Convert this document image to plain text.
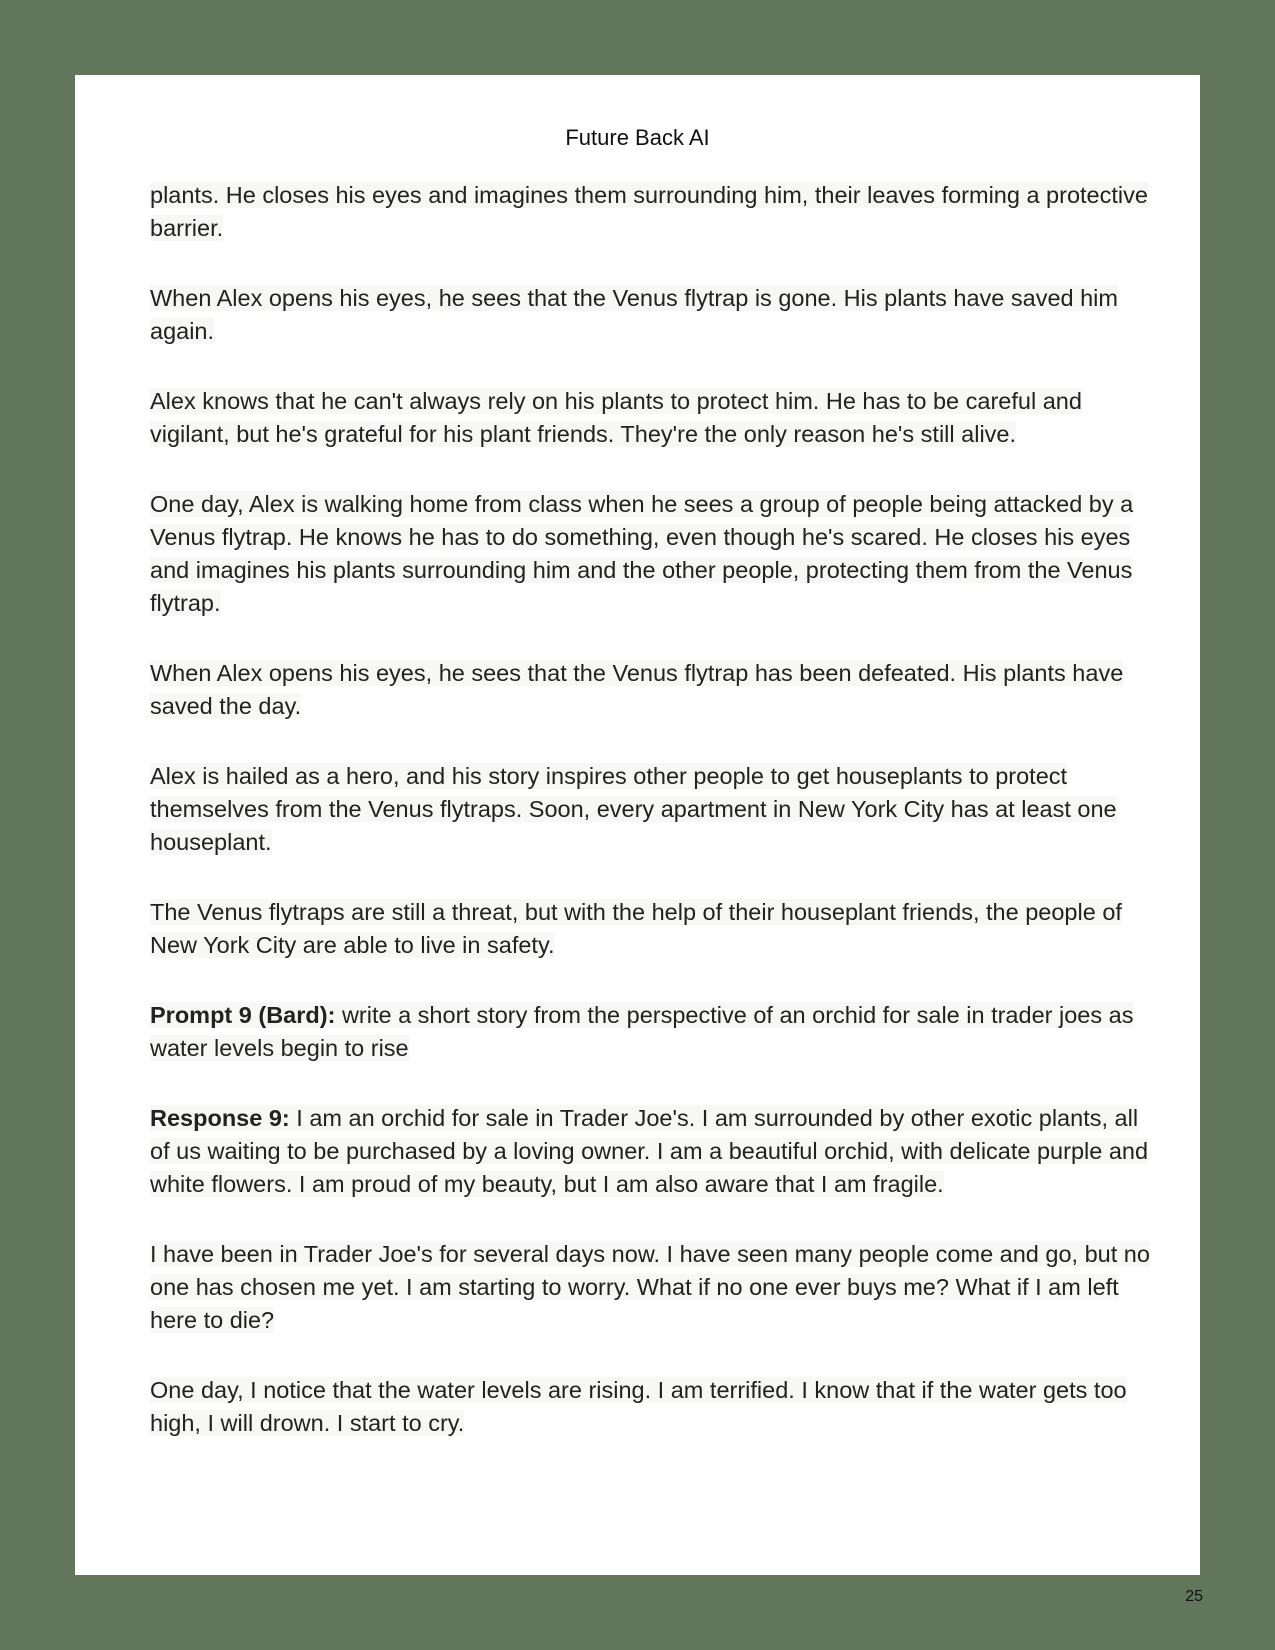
Future Back AI

plants. He closes his eyes and imagines them surrounding him, their leaves forming a protective barrier.

When Alex opens his eyes, he sees that the Venus flytrap is gone. His plants have saved him again.

Alex knows that he can't always rely on his plants to protect him. He has to be careful and vigilant, but he's grateful for his plant friends. They're the only reason he's still alive.

One day, Alex is walking home from class when he sees a group of people being attacked by a Venus flytrap. He knows he has to do something, even though he's scared. He closes his eyes and imagines his plants surrounding him and the other people, protecting them from the Venus flytrap.

When Alex opens his eyes, he sees that the Venus flytrap has been defeated. His plants have saved the day.

Alex is hailed as a hero, and his story inspires other people to get houseplants to protect themselves from the Venus flytraps. Soon, every apartment in New York City has at least one houseplant.

The Venus flytraps are still a threat, but with the help of their houseplant friends, the people of New York City are able to live in safety.

Prompt 9 (Bard): write a short story from the perspective of an orchid for sale in trader joes as water levels begin to rise

Response 9: I am an orchid for sale in Trader Joe's. I am surrounded by other exotic plants, all of us waiting to be purchased by a loving owner. I am a beautiful orchid, with delicate purple and white flowers. I am proud of my beauty, but I am also aware that I am fragile.

I have been in Trader Joe's for several days now. I have seen many people come and go, but no one has chosen me yet. I am starting to worry. What if no one ever buys me? What if I am left here to die?

One day, I notice that the water levels are rising. I am terrified. I know that if the water gets too high, I will drown. I start to cry.

25
